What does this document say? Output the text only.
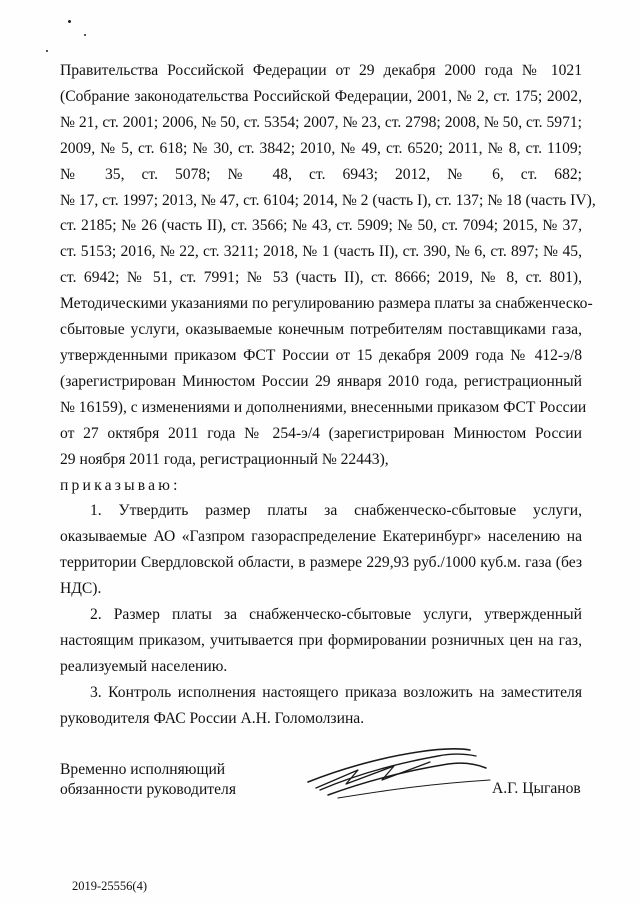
Правительства Российской Федерации от 29 декабря 2000 года № 1021
(Собрание законодательства Российской Федерации, 2001, № 2, ст. 175; 2002,
№ 21, ст. 2001; 2006, № 50, ст. 5354; 2007, № 23, ст. 2798; 2008, № 50, ст. 5971;
2009, № 5, ст. 618; № 30, ст. 3842; 2010, № 49, ст. 6520; 2011, № 8, ст. 1109;
№ 35, ст. 5078; № 48, ст. 6943; 2012, № 6, ст. 682;
№ 17, ст. 1997; 2013, № 47, ст. 6104; 2014, № 2 (часть I), ст. 137; № 18 (часть IV),
ст. 2185; № 26 (часть II), ст. 3566; № 43, ст. 5909; № 50, ст. 7094; 2015, № 37,
ст. 5153; 2016, № 22, ст. 3211; 2018, № 1 (часть II), ст. 390, № 6, ст. 897; № 45,
ст. 6942; № 51, ст. 7991; № 53 (часть II), ст. 8666; 2019, № 8, ст. 801),
Методическими указаниями по регулированию размера платы за снабженческо-
сбытовые услуги, оказываемые конечным потребителям поставщиками газа,
утвержденными приказом ФСТ России от 15 декабря 2009 года № 412-э/8
(зарегистрирован Минюстом России 29 января 2010 года, регистрационный
№ 16159), с изменениями и дополнениями, внесенными приказом ФСТ России
от 27 октября 2011 года № 254-э/4 (зарегистрирован Минюстом России
29 ноября 2011 года, регистрационный № 22443),
приказываю:
1. Утвердить размер платы за снабженческо-сбытовые услуги,
оказываемые АО «Газпром газораспределение Екатеринбург» населению на
территории Свердловской области, в размере 229,93 руб./1000 куб.м. газа (без
НДС).
2. Размер платы за снабженческо-сбытовые услуги, утвержденный
настоящим приказом, учитывается при формировании розничных цен на газ,
реализуемый населению.
3. Контроль исполнения настоящего приказа возложить на заместителя
руководителя ФАС России А.Н. Голомолзина.
Временно исполняющий
обязанности руководителя	А.Г. Цыганов
2019-25556(4)
